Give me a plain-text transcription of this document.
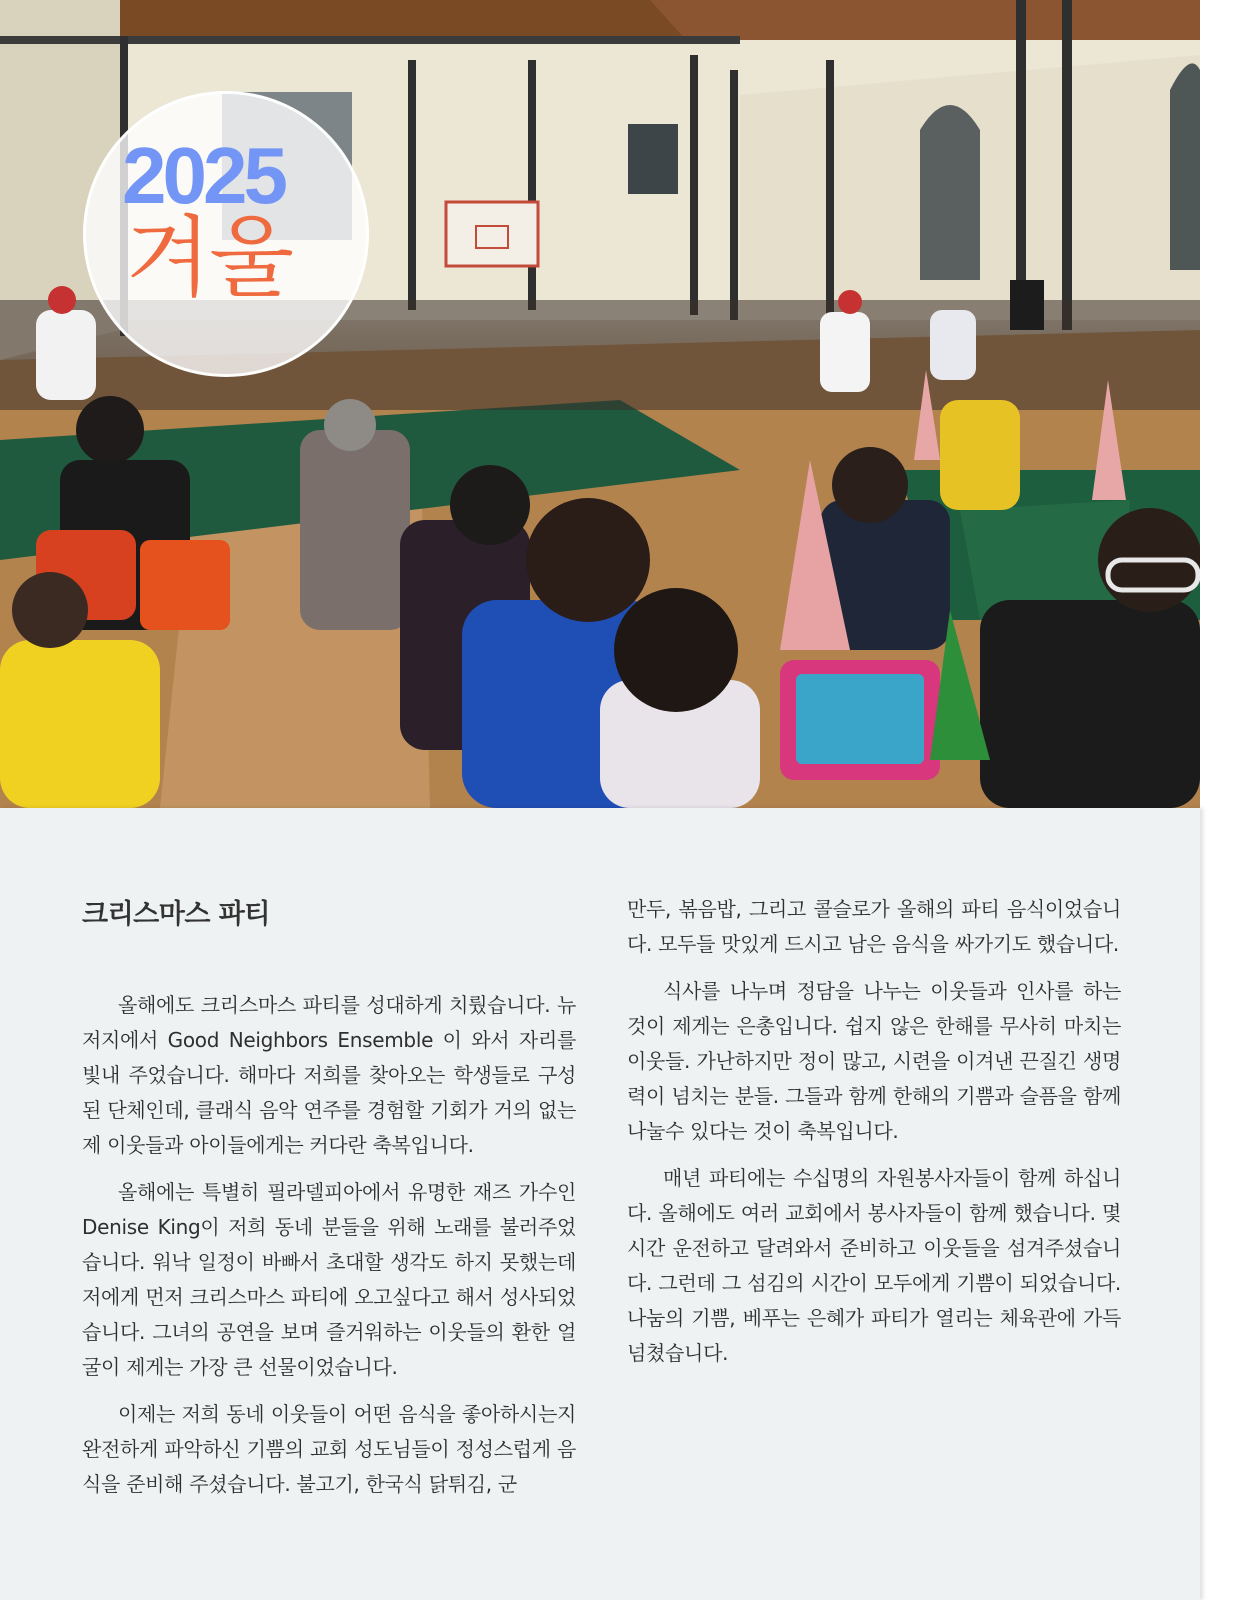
2025
겨울
크리스마스 파티

올해에도 크리스마스 파티를 성대하게 치뤘습니다. 뉴저지에서 Good Neighbors Ensemble 이 와서 자리를 빛내 주었습니다. 해마다 저희를 찾아오는 학생들로 구성된 단체인데, 클래식 음악 연주를 경험할 기회가 거의 없는 제 이웃들과 아이들에게는 커다란 축복입니다.

올해에는 특별히 필라델피아에서 유명한 재즈 가수인 Denise King이 저희 동네 분들을 위해 노래를 불러주었습니다. 워낙 일정이 바빠서 초대할 생각도 하지 못했는데 저에게 먼저 크리스마스 파티에 오고싶다고 해서 성사되었습니다. 그녀의 공연을 보며 즐거워하는 이웃들의 환한 얼굴이 제게는 가장 큰 선물이었습니다.

이제는 저희 동네 이웃들이 어떤 음식을 좋아하시는지 완전하게 파악하신 기쁨의 교회 성도님들이 정성스럽게 음식을 준비해 주셨습니다. 불고기, 한국식 닭튀김, 군

만두, 볶음밥, 그리고 콜슬로가 올해의 파티 음식이었습니다. 모두들 맛있게 드시고 남은 음식을 싸가기도 했습니다.

식사를 나누며 정담을 나누는 이웃들과 인사를 하는 것이 제게는 은총입니다. 쉽지 않은 한해를 무사히 마치는 이웃들. 가난하지만 정이 많고, 시련을 이겨낸 끈질긴 생명력이 넘치는 분들. 그들과 함께 한해의 기쁨과 슬픔을 함께 나눌수 있다는 것이 축복입니다.

매년 파티에는 수십명의 자원봉사자들이 함께 하십니다. 올해에도 여러 교회에서 봉사자들이 함께 했습니다. 몇시간 운전하고 달려와서 준비하고 이웃들을 섬겨주셨습니다. 그런데 그 섬김의 시간이 모두에게 기쁨이 되었습니다. 나눔의 기쁨, 베푸는 은혜가 파티가 열리는 체육관에 가득 넘쳤습니다.
